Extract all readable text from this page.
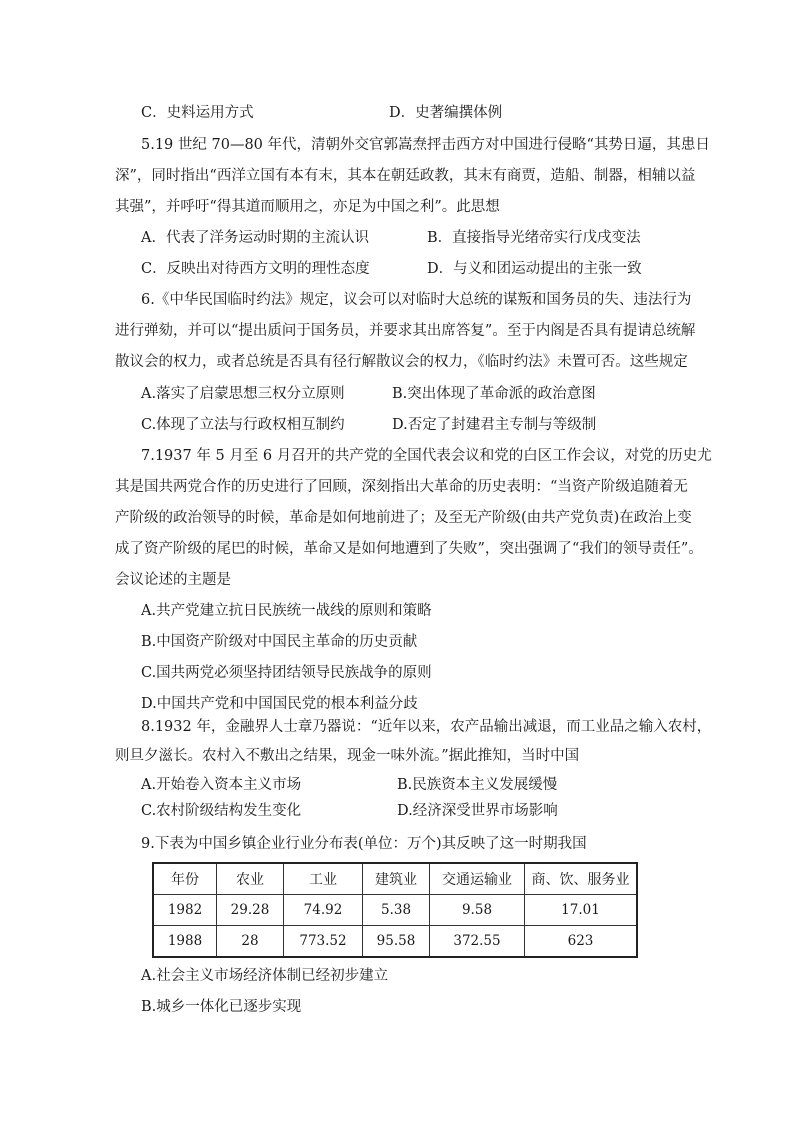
C．史料运用方式	D．史著编撰体例
5.19 世纪 70—80 年代，清朝外交官郭嵩焘抨击西方对中国进行侵略“其势日逼，其患日
深”，同时指出“西洋立国有本有末，其本在朝廷政教，其末有商贾，造船、制器，相辅以益
其强”，并呼吁“得其道而顺用之，亦足为中国之利”。此思想
A．代表了洋务运动时期的主流认识	B．直接指导光绪帝实行戊戌变法
C．反映出对待西方文明的理性态度	D．与义和团运动提出的主张一致
6.《中华民国临时约法》规定，议会可以对临时大总统的谋叛和国务员的失、违法行为
进行弹劾，并可以“提出质问于国务员，并要求其出席答复”。至于内阁是否具有提请总统解
散议会的权力，或者总统是否具有径行解散议会的权力，《临时约法》未置可否。这些规定
A.落实了启蒙思想三权分立原则	B.突出体现了革命派的政治意图
C.体现了立法与行政权相互制约	D.否定了封建君主专制与等级制
7.1937 年 5 月至 6 月召开的共产党的全国代表会议和党的白区工作会议，对党的历史尤
其是国共两党合作的历史进行了回顾，深刻指出大革命的历史表明：“当资产阶级追随着无
产阶级的政治领导的时候，革命是如何地前进了；及至无产阶级(由共产党负责)在政治上变
成了资产阶级的尾巴的时候，革命又是如何地遭到了失败”，突出强调了“我们的领导责任”。
会议论述的主题是
A.共产党建立抗日民族统一战线的原则和策略
B.中国资产阶级对中国民主革命的历史贡献
C.国共两党必须坚持团结领导民族战争的原则
D.中国共产党和中国国民党的根本利益分歧
8.1932 年，金融界人士章乃器说：“近年以来，农产品输出减退，而工业品之输入农村，
则旦夕滋长。农村入不敷出之结果，现金一味外流。”据此推知，当时中国
A.开始卷入资本主义市场	B.民族资本主义发展缓慢
C.农村阶级结构发生变化	D.经济深受世界市场影响
9.下表为中国乡镇企业行业分布表(单位：万个)其反映了这一时期我国
年份	农业	工业	建筑业	交通运输业	商、饮、服务业
1982	29.28	74.92	5.38	9.58	17.01
1988	28	773.52	95.58	372.55	623
A.社会主义市场经济体制已经初步建立
B.城乡一体化已逐步实现
